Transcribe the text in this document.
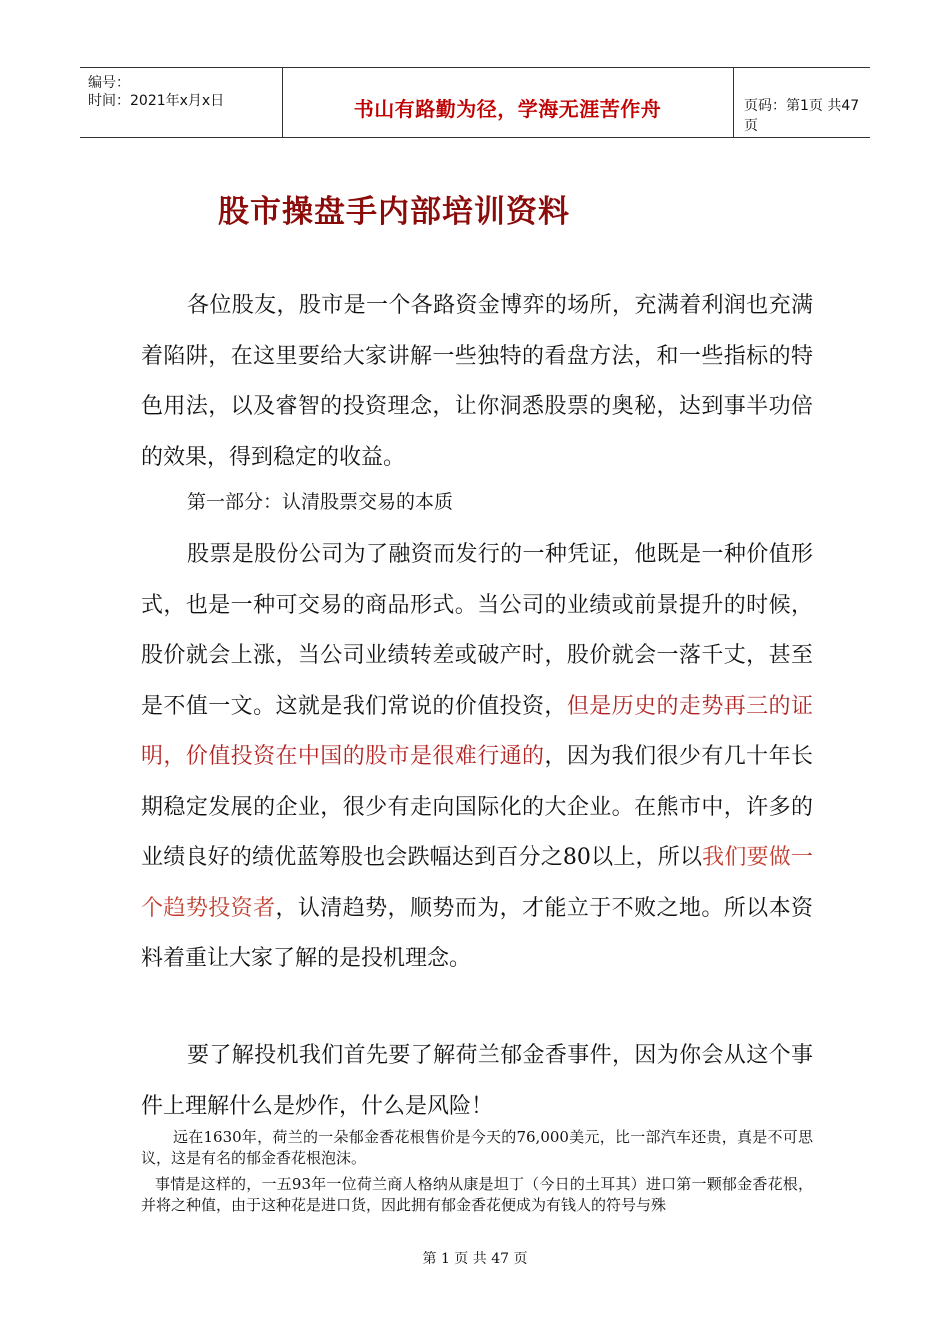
编号：
时间：2021年x月x日	书山有路勤为径，学海无涯苦作舟	页码：第1页 共47页
股市操盘手内部培训资料

各位股友，股市是一个各路资金博弈的场所，充满着利润也充满着陷阱，在这里要给大家讲解一些独特的看盘方法，和一些指标的特色用法，以及睿智的投资理念，让你洞悉股票的奥秘，达到事半功倍的效果，得到稳定的收益。

第一部分：认清股票交易的本质

股票是股份公司为了融资而发行的一种凭证，他既是一种价值形式，也是一种可交易的商品形式。当公司的业绩或前景提升的时候，股价就会上涨，当公司业绩转差或破产时，股价就会一落千丈，甚至是不值一文。这就是我们常说的价值投资，但是历史的走势再三的证明，价值投资在中国的股市是很难行通的，因为我们很少有几十年长期稳定发展的企业，很少有走向国际化的大企业。在熊市中，许多的业绩良好的绩优蓝筹股也会跌幅达到百分之80以上，所以我们要做一个趋势投资者，认清趋势，顺势而为，才能立于不败之地。所以本资料着重让大家了解的是投机理念。

要了解投机我们首先要了解荷兰郁金香事件，因为你会从这个事件上理解什么是炒作，什么是风险！

远在1630年，荷兰的一朵郁金香花根售价是今天的76,000美元，比一部汽车还贵，真是不可思议，这是有名的郁金香花根泡沫。

事情是这样的，一五93年一位荷兰商人格纳从康是坦丁（今日的土耳其）进口第一颗郁金香花根，并将之种值，由于这种花是进口货，因此拥有郁金香花便成为有钱人的符号与殊

第 1 页 共 47 页
